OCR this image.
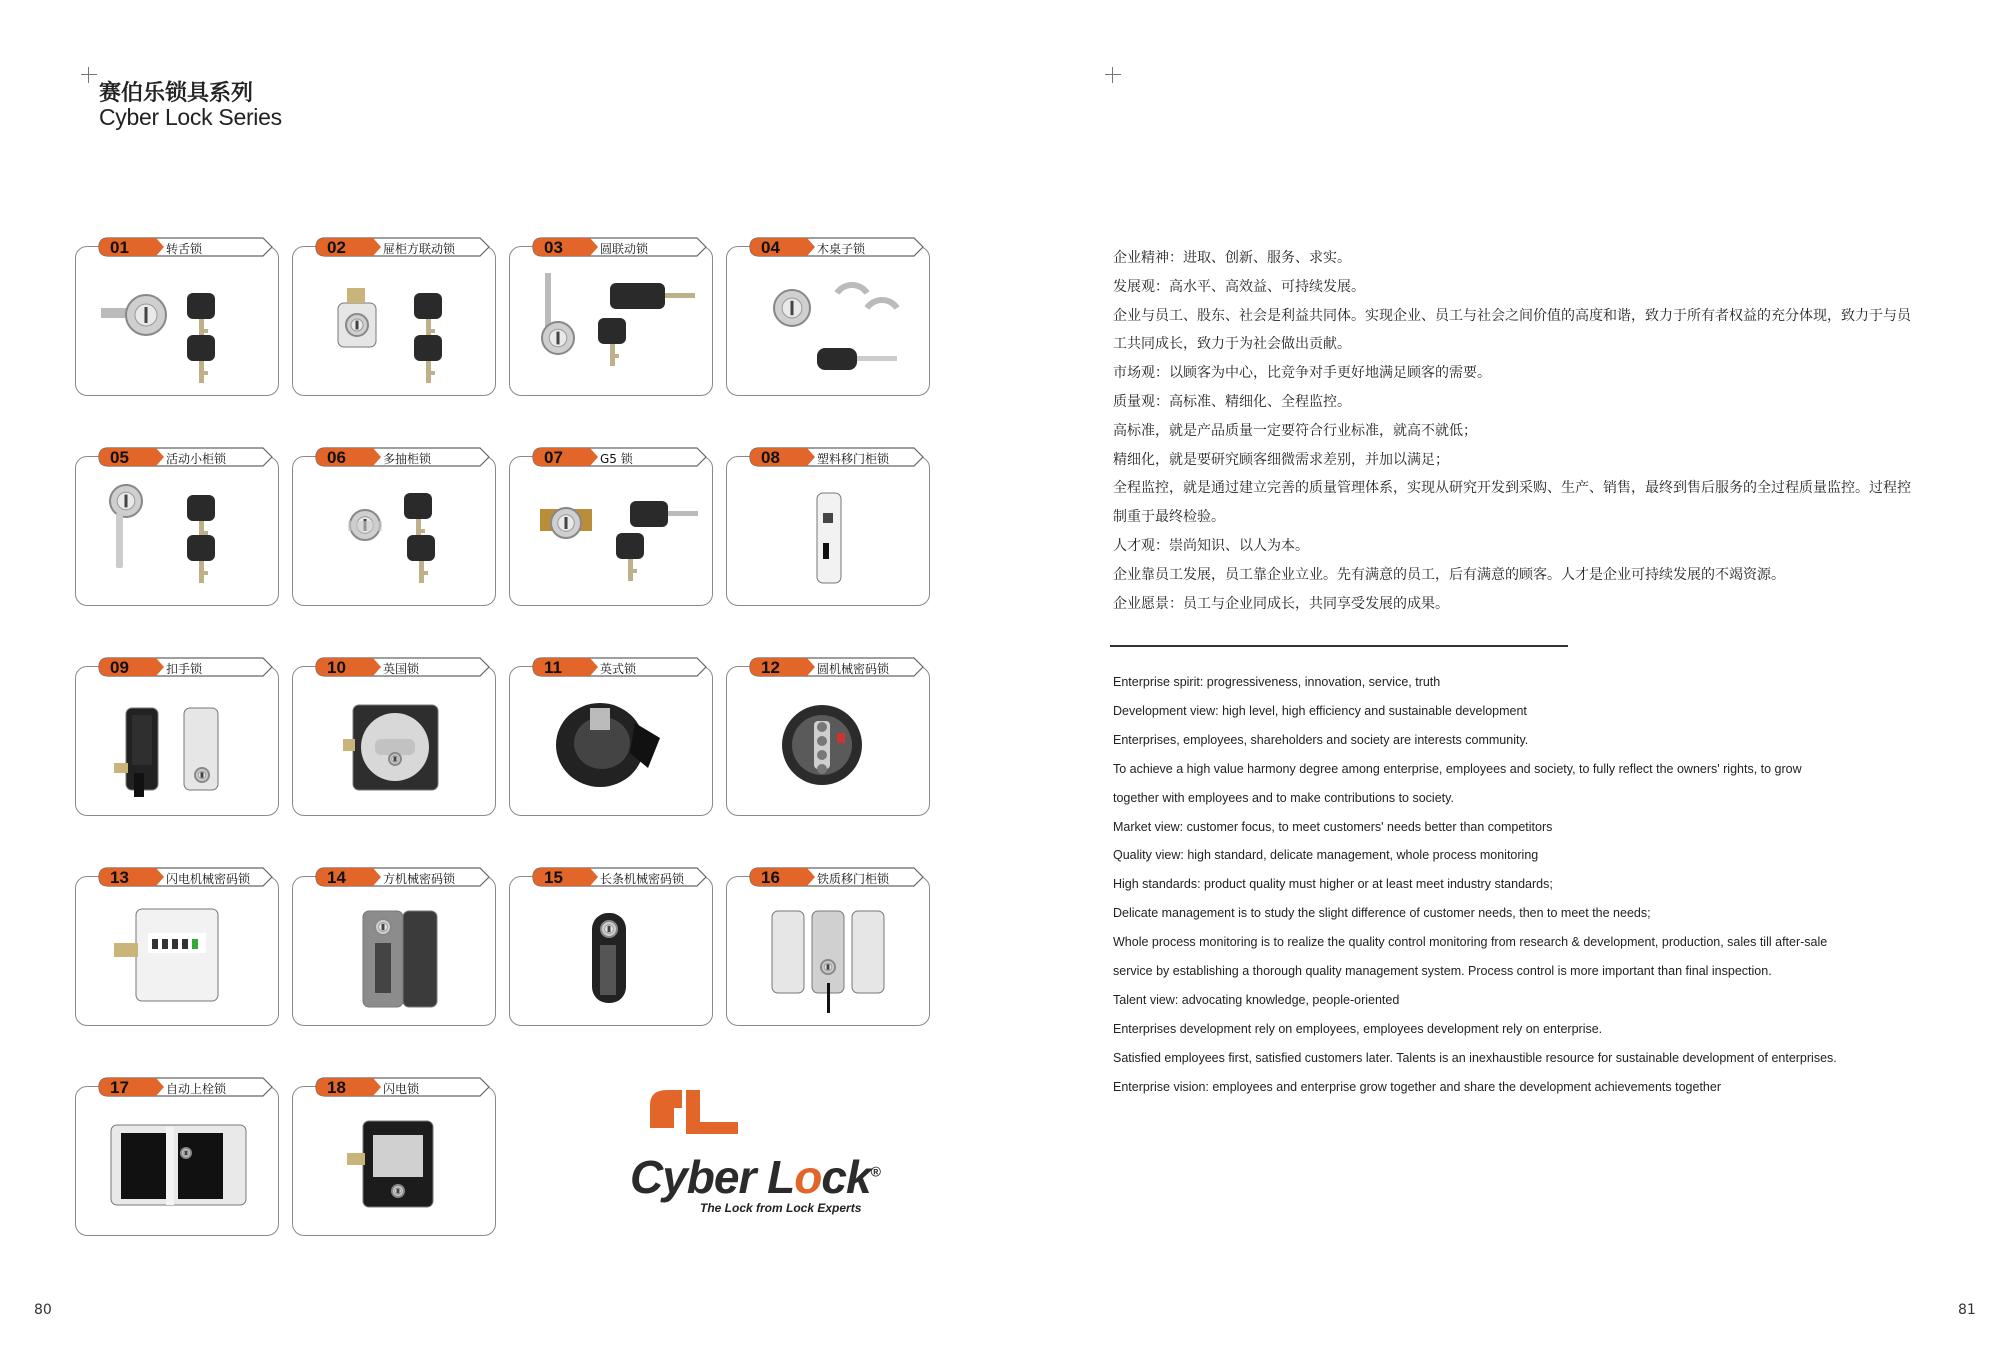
赛伯乐锁具系列
Cyber Lock Series
01	转舌锁	02	屉柜方联动锁	03	圆联动锁	04	木桌子锁
05	活动小柜锁	06	多抽柜锁	07	G5 锁	08	塑料移门柜锁
09	扣手锁	10	英国锁	11	英式锁	12	圆机械密码锁
13	闪电机械密码锁	14	方机械密码锁	15	长条机械密码锁	16	铁质移门柜锁
17	自动上栓锁	18	闪电锁
Cyber Lock®
The Lock from Lock Experts
80	81
企业精神：进取、创新、服务、求实。
发展观：高水平、高效益、可持续发展。
企业与员工、股东、社会是利益共同体。实现企业、员工与社会之间价值的高度和谐，致力于所有者权益的充分体现，致力于与员
工共同成长，致力于为社会做出贡献。
市场观：以顾客为中心，比竞争对手更好地满足顾客的需要。
质量观：高标准、精细化、全程监控。
高标准，就是产品质量一定要符合行业标准，就高不就低；
精细化，就是要研究顾客细微需求差别，并加以满足；
全程监控，就是通过建立完善的质量管理体系，实现从研究开发到采购、生产、销售，最终到售后服务的全过程质量监控。过程控
制重于最终检验。
人才观：崇尚知识、以人为本。
企业靠员工发展，员工靠企业立业。先有满意的员工，后有满意的顾客。人才是企业可持续发展的不竭资源。
企业愿景：员工与企业同成长，共同享受发展的成果。
Enterprise spirit: progressiveness, innovation, service, truth
Development view: high level, high efficiency and sustainable development
Enterprises, employees, shareholders and society are interests community.
To achieve a high value harmony degree among enterprise, employees and society, to fully reflect the owners' rights, to grow
together with employees and to make contributions to society.
Market view: customer focus, to meet customers' needs better than competitors
Quality view: high standard, delicate management, whole process monitoring
High standards: product quality must higher or at least meet industry standards;
Delicate management is to study the slight difference of customer needs, then to meet the needs;
Whole process monitoring is to realize the quality control monitoring from research & development, production, sales till after-sale
service by establishing a thorough quality management system. Process control is more important than final inspection.
Talent view: advocating knowledge, people-oriented
Enterprises development rely on employees, employees development rely on enterprise.
Satisfied employees first, satisfied customers later. Talents is an inexhaustible resource for sustainable development of enterprises.
Enterprise vision: employees and enterprise grow together and share the development achievements together
